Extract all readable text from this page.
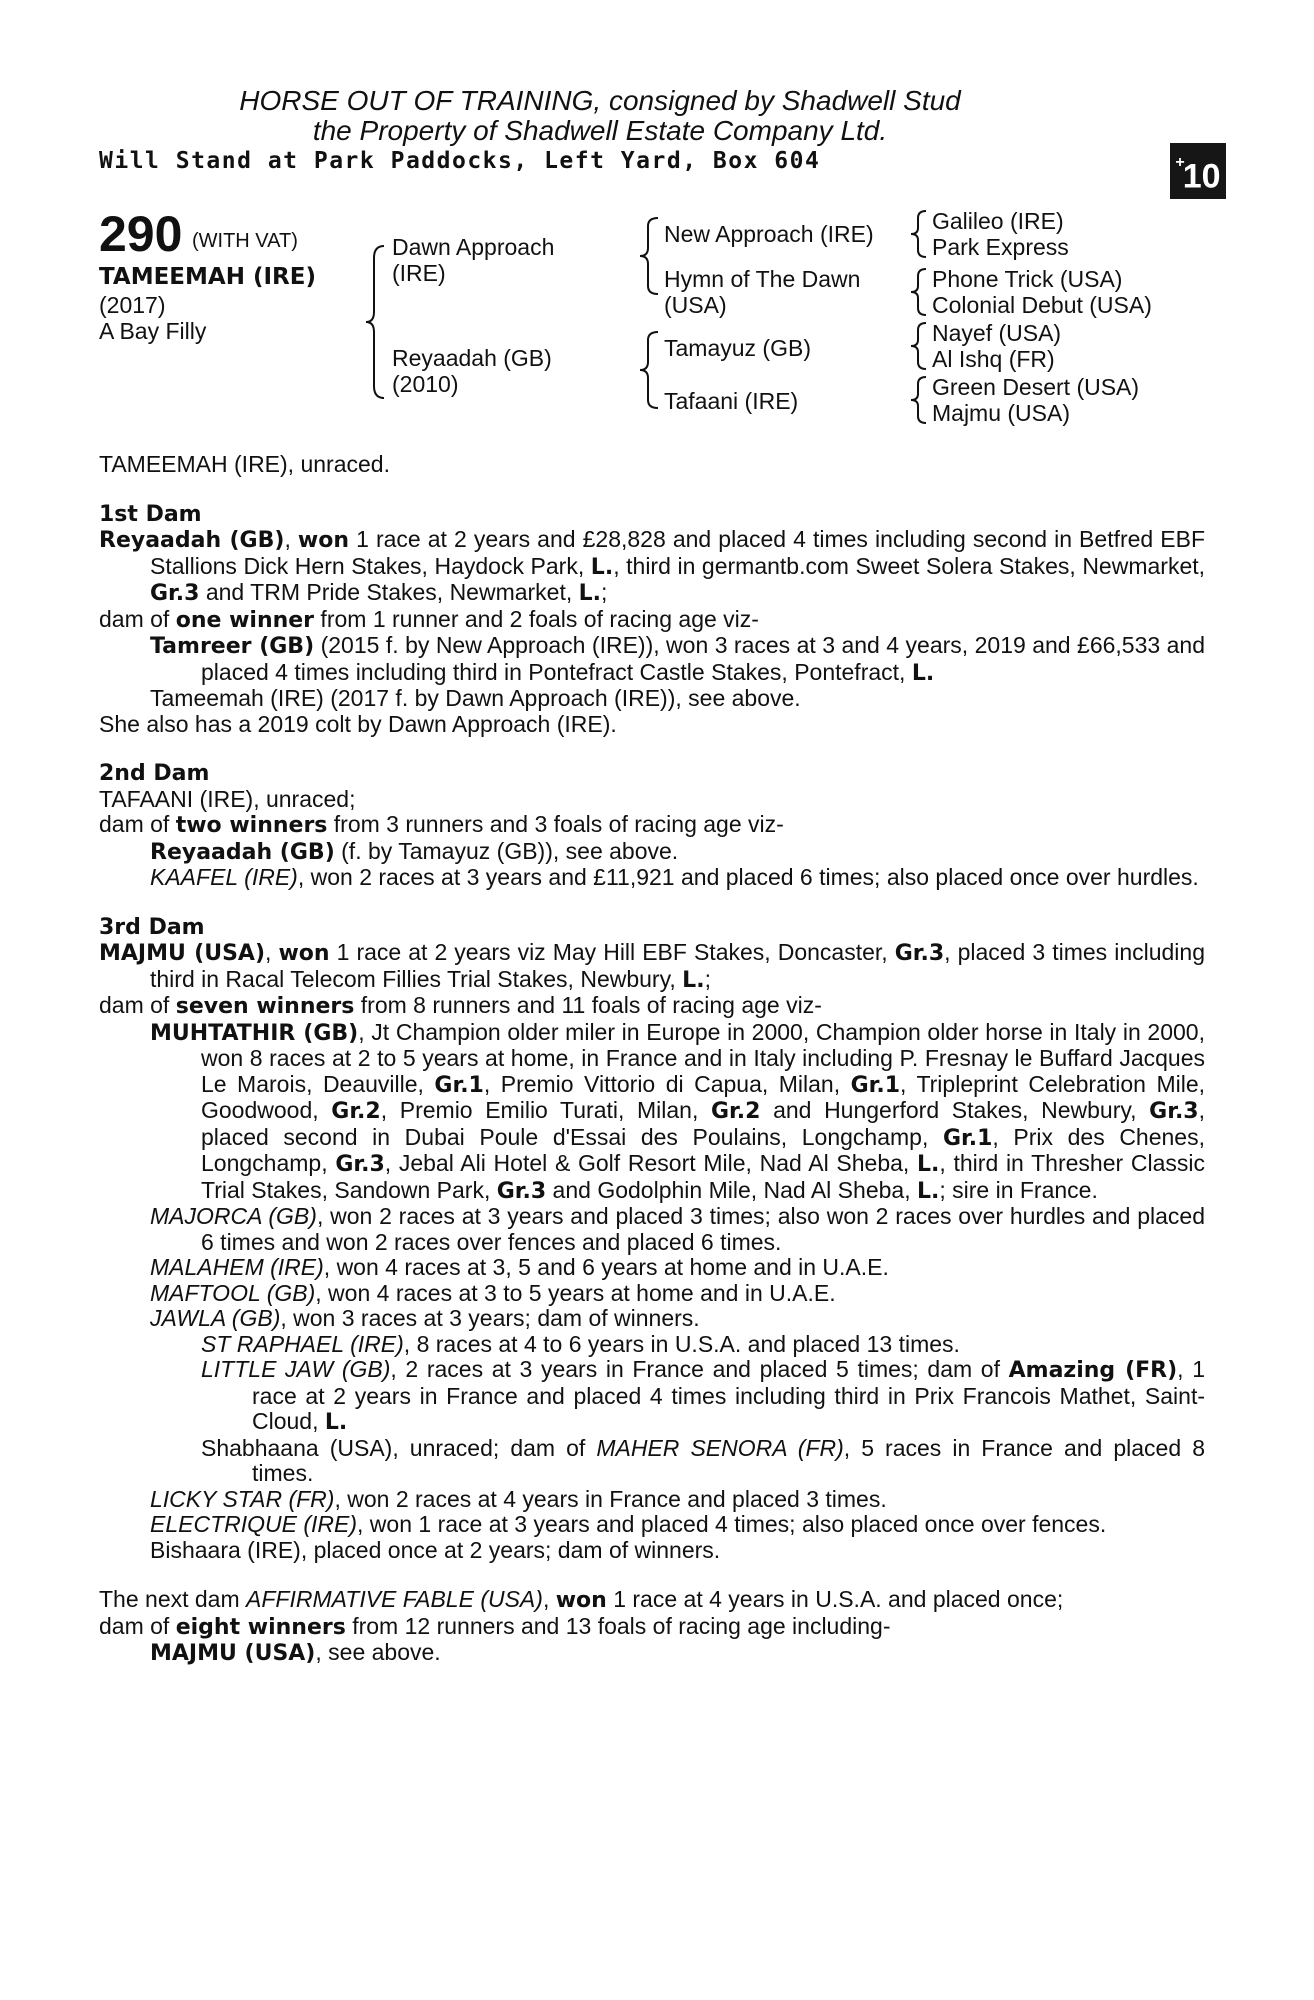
HORSE OUT OF TRAINING, consigned by Shadwell Stud
the Property of Shadwell Estate Company Ltd.
Will Stand at Park Paddocks, Left Yard, Box 604	+10
290 (WITH VAT)
TAMEEMAH (IRE)
(2017)
A Bay Filly
Dawn Approach
(IRE)
Reyaadah (GB)
(2010)
New Approach (IRE)
Hymn of The Dawn
(USA)
Tamayuz (GB)
Tafaani (IRE)
Galileo (IRE)
Park Express
Phone Trick (USA)
Colonial Debut (USA)
Nayef (USA)
Al Ishq (FR)
Green Desert (USA)
Majmu (USA)

TAMEEMAH (IRE), unraced.

1st Dam

Reyaadah (GB), won 1 race at 2 years and £28,828 and placed 4 times including second in Betfred EBF Stallions Dick Hern Stakes, Haydock Park, L., third in germantb.com Sweet Solera Stakes, Newmarket, Gr.3 and TRM Pride Stakes, Newmarket, L.;

dam of one winner from 1 runner and 2 foals of racing age viz-

Tamreer (GB) (2015 f. by New Approach (IRE)), won 3 races at 3 and 4 years, 2019 and £66,533 and placed 4 times including third in Pontefract Castle Stakes, Pontefract, L.

Tameemah (IRE) (2017 f. by Dawn Approach (IRE)), see above.

She also has a 2019 colt by Dawn Approach (IRE).

2nd Dam

TAFAANI (IRE), unraced;

dam of two winners from 3 runners and 3 foals of racing age viz-

Reyaadah (GB) (f. by Tamayuz (GB)), see above.

KAAFEL (IRE), won 2 races at 3 years and £11,921 and placed 6 times; also placed once over hurdles.

3rd Dam

MAJMU (USA), won 1 race at 2 years viz May Hill EBF Stakes, Doncaster, Gr.3, placed 3 times including third in Racal Telecom Fillies Trial Stakes, Newbury, L.;

dam of seven winners from 8 runners and 11 foals of racing age viz-

MUHTATHIR (GB), Jt Champion older miler in Europe in 2000, Champion older horse in Italy in 2000, won 8 races at 2 to 5 years at home, in France and in Italy including P. Fresnay le Buffard Jacques Le Marois, Deauville, Gr.1, Premio Vittorio di Capua, Milan, Gr.1, Tripleprint Celebration Mile, Goodwood, Gr.2, Premio Emilio Turati, Milan, Gr.2 and Hungerford Stakes, Newbury, Gr.3, placed second in Dubai Poule d'Essai des Poulains, Longchamp, Gr.1, Prix des Chenes, Longchamp, Gr.3, Jebal Ali Hotel & Golf Resort Mile, Nad Al Sheba, L., third in Thresher Classic Trial Stakes, Sandown Park, Gr.3 and Godolphin Mile, Nad Al Sheba, L.; sire in France.

MAJORCA (GB), won 2 races at 3 years and placed 3 times; also won 2 races over hurdles and placed 6 times and won 2 races over fences and placed 6 times.

MALAHEM (IRE), won 4 races at 3, 5 and 6 years at home and in U.A.E.

MAFTOOL (GB), won 4 races at 3 to 5 years at home and in U.A.E.

JAWLA (GB), won 3 races at 3 years; dam of winners.

ST RAPHAEL (IRE), 8 races at 4 to 6 years in U.S.A. and placed 13 times.

LITTLE JAW (GB), 2 races at 3 years in France and placed 5 times; dam of Amazing (FR), 1 race at 2 years in France and placed 4 times including third in Prix Francois Mathet, Saint-Cloud, L.

Shabhaana (USA), unraced; dam of MAHER SENORA (FR), 5 races in France and placed 8 times.

LICKY STAR (FR), won 2 races at 4 years in France and placed 3 times.

ELECTRIQUE (IRE), won 1 race at 3 years and placed 4 times; also placed once over fences.

Bishaara (IRE), placed once at 2 years; dam of winners.

The next dam AFFIRMATIVE FABLE (USA), won 1 race at 4 years in U.S.A. and placed once;

dam of eight winners from 12 runners and 13 foals of racing age including-

MAJMU (USA), see above.
